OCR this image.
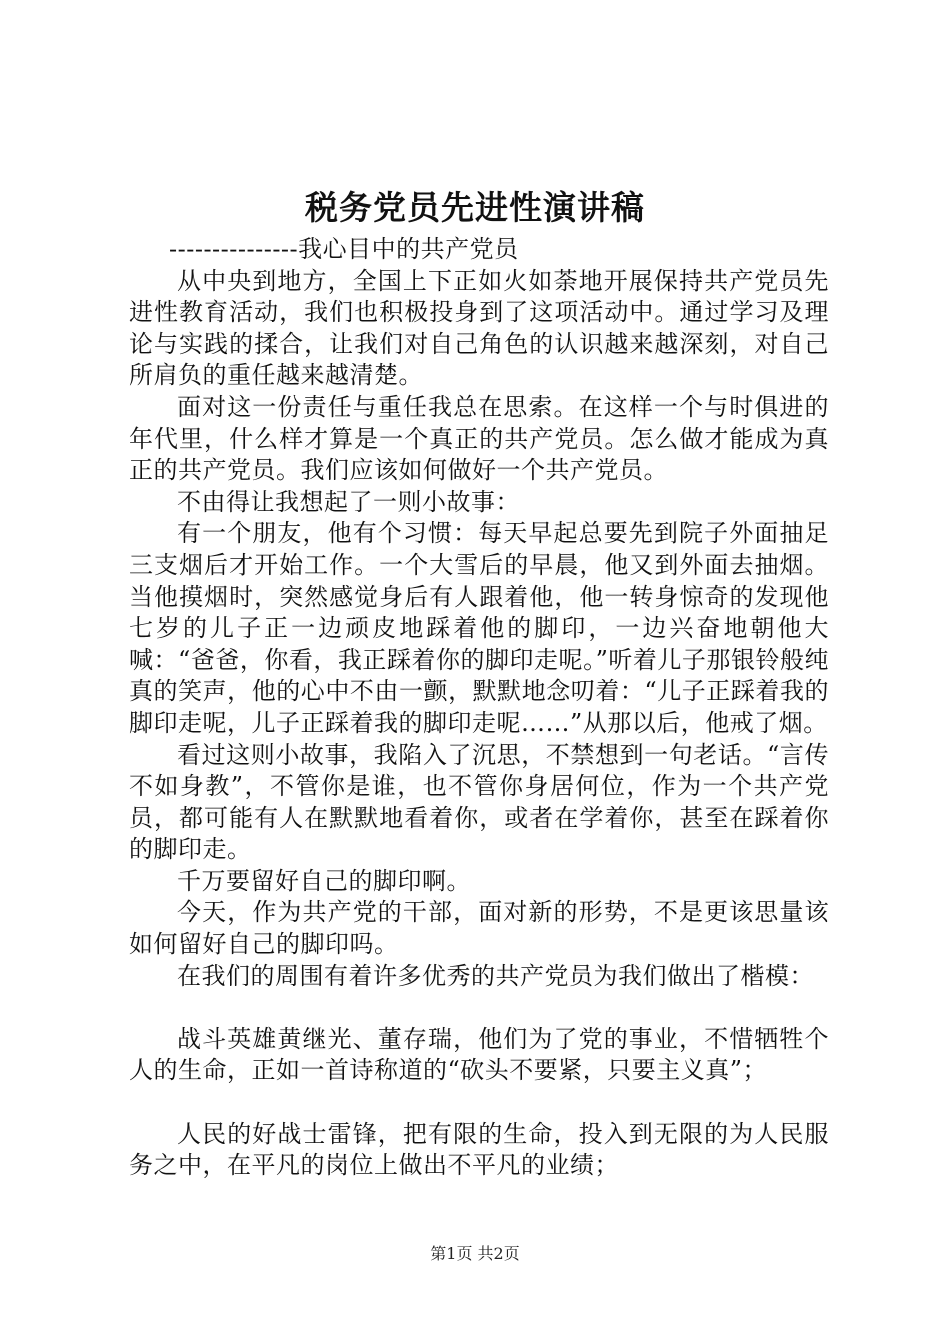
税务党员先进性演讲稿

---------------我心目中的共产党员

从中央到地方，全国上下正如火如荼地开展保持共产党员先进性教育活动，我们也积极投身到了这项活动中。通过学习及理论与实践的揉合，让我们对自己角色的认识越来越深刻，对自己所肩负的重任越来越清楚。

面对这一份责任与重任我总在思索。在这样一个与时俱进的年代里，什么样才算是一个真正的共产党员。怎么做才能成为真正的共产党员。我们应该如何做好一个共产党员。

不由得让我想起了一则小故事：

有一个朋友，他有个习惯：每天早起总要先到院子外面抽足三支烟后才开始工作。一个大雪后的早晨，他又到外面去抽烟。当他摸烟时，突然感觉身后有人跟着他，他一转身惊奇的发现他七岁的儿子正一边顽皮地踩着他的脚印，一边兴奋地朝他大喊：“爸爸，你看，我正踩着你的脚印走呢。”听着儿子那银铃般纯真的笑声，他的心中不由一颤，默默地念叨着：“儿子正踩着我的脚印走呢，儿子正踩着我的脚印走呢……”从那以后，他戒了烟。

看过这则小故事，我陷入了沉思，不禁想到一句老话。“言传不如身教”，不管你是谁，也不管你身居何位，作为一个共产党员，都可能有人在默默地看着你，或者在学着你，甚至在踩着你的脚印走。

千万要留好自己的脚印啊。

今天，作为共产党的干部，面对新的形势，不是更该思量该如何留好自己的脚印吗。

在我们的周围有着许多优秀的共产党员为我们做出了楷模：

战斗英雄黄继光、董存瑞，他们为了党的事业，不惜牺牲个人的生命，正如一首诗称道的“砍头不要紧，只要主义真”；

人民的好战士雷锋，把有限的生命，投入到无限的为人民服务之中，在平凡的岗位上做出不平凡的业绩；

第1页 共2页
